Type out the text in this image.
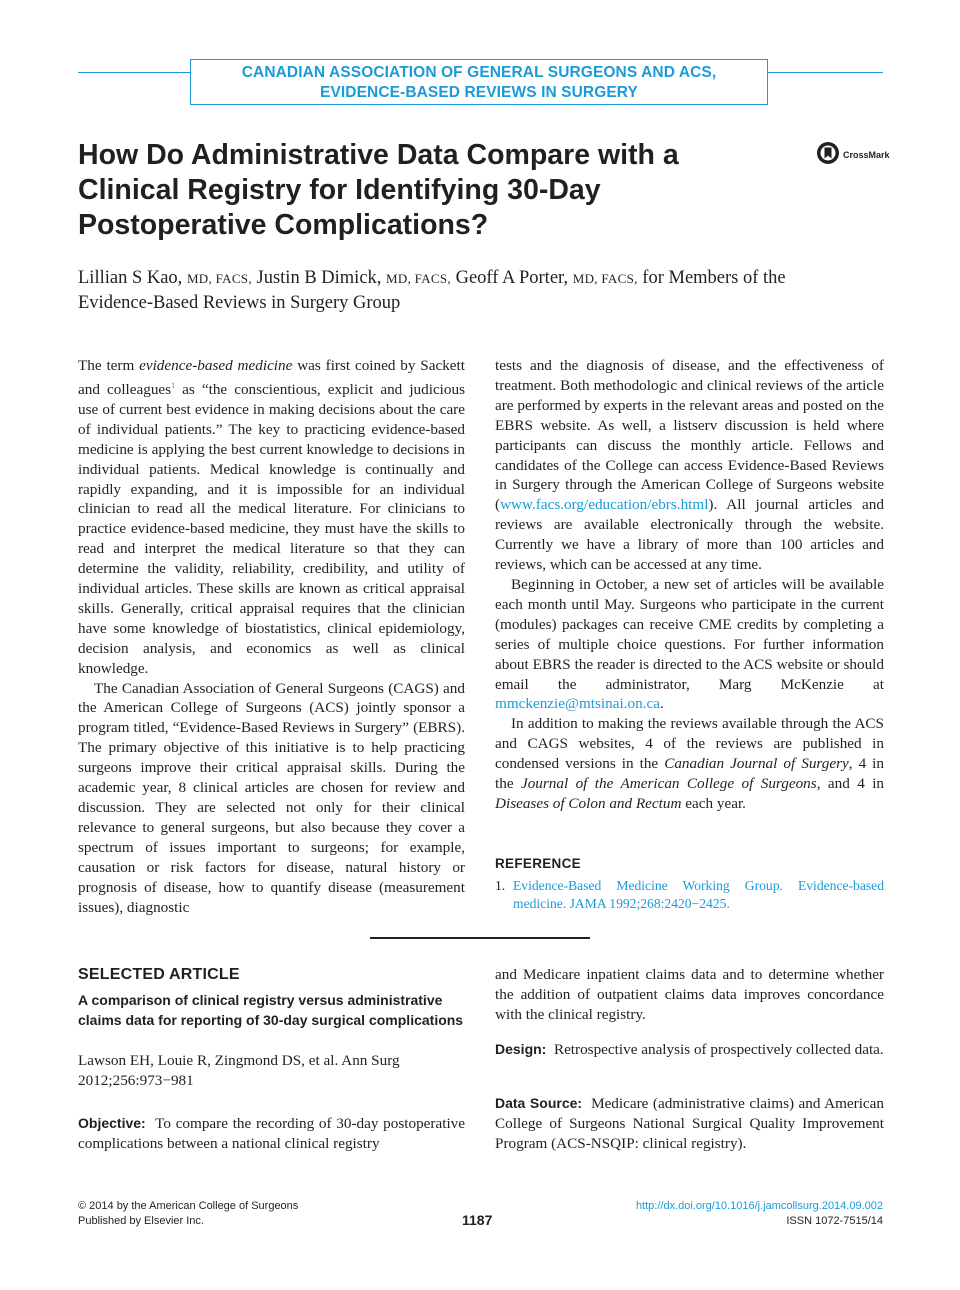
CANADIAN ASSOCIATION OF GENERAL SURGEONS AND ACS,
EVIDENCE-BASED REVIEWS IN SURGERY
How Do Administrative Data Compare with a
Clinical Registry for Identifying 30-Day
Postoperative Complications?
CrossMark
Lillian S Kao, MD, FACS, Justin B Dimick, MD, FACS, Geoff A Porter, MD, FACS, for Members of the
Evidence-Based Reviews in Surgery Group

The term evidence-based medicine was first coined by Sackett and colleagues$^1$ as “the conscientious, explicit and judicious use of current best evidence in making decisions about the care of individual patients.” The key to practicing evidence-based medicine is applying the best current knowledge to decisions in individual patients. Medical knowledge is continually and rapidly expanding, and it is impossible for an individual clinician to read all the medical literature. For clinicians to practice evidence-based medicine, they must have the skills to read and interpret the medical literature so that they can determine the validity, reliability, credibility, and utility of individual articles. These skills are known as critical appraisal skills. Generally, critical appraisal requires that the clinician have some knowledge of biostatistics, clinical epidemiology, decision analysis, and economics as well as clinical knowledge.

The Canadian Association of General Surgeons (CAGS) and the American College of Surgeons (ACS) jointly sponsor a program titled, “Evidence-Based Reviews in Surgery” (EBRS). The primary objective of this initiative is to help practicing surgeons improve their critical appraisal skills. During the academic year, 8 clinical articles are chosen for review and discussion. They are selected not only for their clinical relevance to general surgeons, but also because they cover a spectrum of issues important to surgeons; for example, causation or risk factors for disease, natural history or prognosis of disease, how to quantify disease (measurement issues), diagnostic

tests and the diagnosis of disease, and the effectiveness of treatment. Both methodologic and clinical reviews of the article are performed by experts in the relevant areas and posted on the EBRS website. As well, a listserv discussion is held where participants can discuss the monthly article. Fellows and candidates of the College can access Evidence-Based Reviews in Surgery through the American College of Surgeons website (www.facs.org/education/ebrs.html). All journal articles and reviews are available electronically through the website. Currently we have a library of more than 100 articles and reviews, which can be accessed at any time.

Beginning in October, a new set of articles will be available each month until May. Surgeons who participate in the current (modules) packages can receive CME credits by completing a series of multiple choice questions. For further information about EBRS the reader is directed to the ACS website or should email the administrator, Marg McKenzie at mmckenzie@mtsinai.on.ca.

In addition to making the reviews available through the ACS and CAGS websites, 4 of the reviews are published in condensed versions in the Canadian Journal of Surgery, 4 in the Journal of the American College of Surgeons, and 4 in Diseases of Colon and Rectum each year.

REFERENCE
1. Evidence-Based Medicine Working Group. Evidence-based medicine. JAMA 1992;268:2420−2425.
SELECTED ARTICLE
A comparison of clinical registry versus administrative claims data for reporting of 30-day surgical complications
Lawson EH, Louie R, Zingmond DS, et al. Ann Surg 2012;256:973−981
Objective: To compare the recording of 30-day postoperative complications between a national clinical registry
and Medicare inpatient claims data and to determine whether the addition of outpatient claims data improves concordance with the clinical registry.
Design: Retrospective analysis of prospectively collected data.
Data Source: Medicare (administrative claims) and American College of Surgeons National Surgical Quality Improvement Program (ACS-NSQIP: clinical registry).
© 2014 by the American College of Surgeons
Published by Elsevier Inc.	1187
http://dx.doi.org/10.1016/j.jamcollsurg.2014.09.002
ISSN 1072-7515/14
